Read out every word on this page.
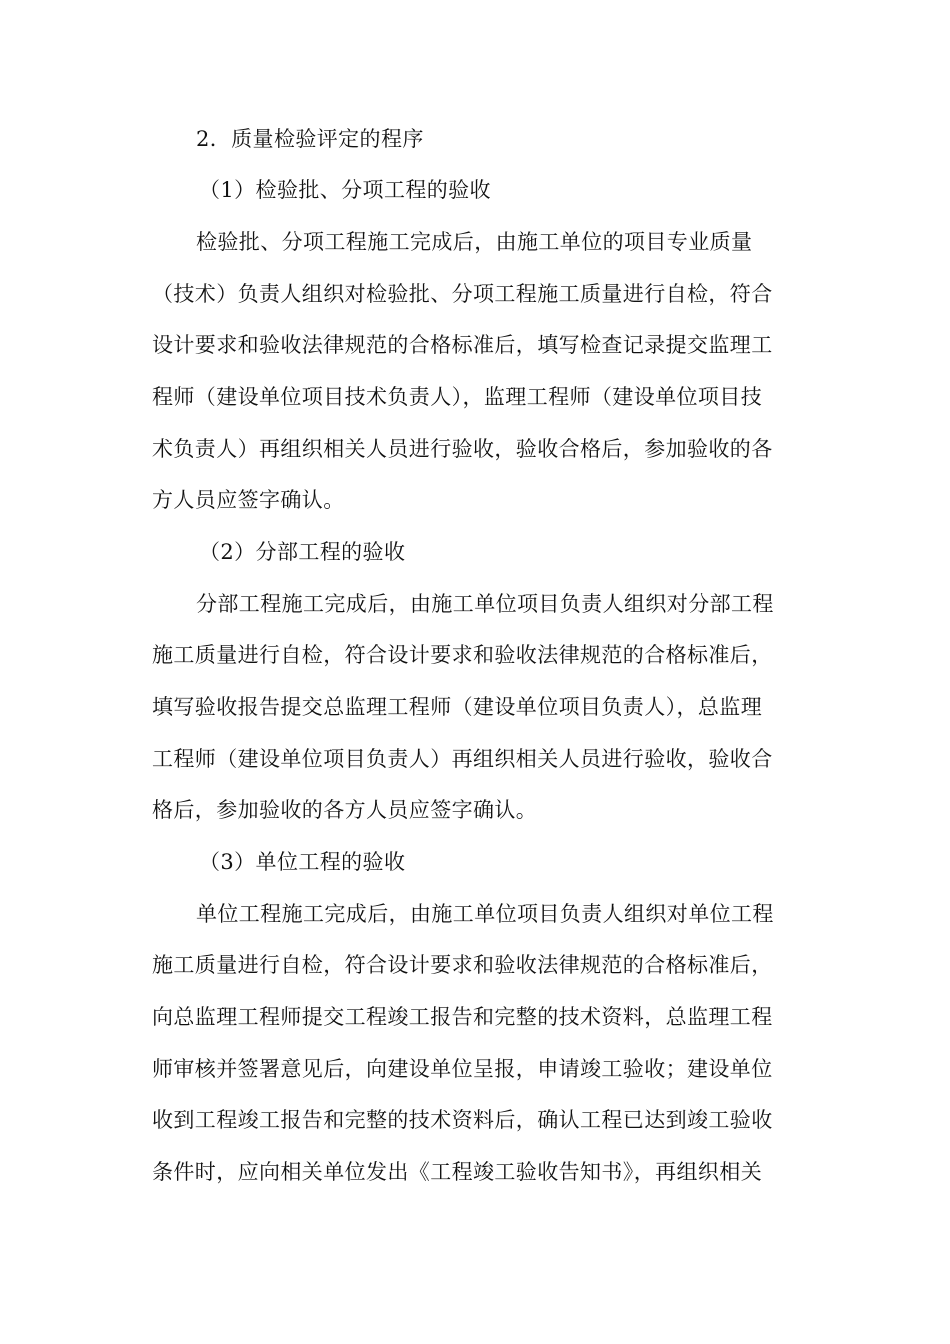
2．质量检验评定的程序
（1）检验批、分项工程的验收
检验批、分项工程施工完成后，由施工单位的项目专业质量
（技术）负责人组织对检验批、分项工程施工质量进行自检，符合
设计要求和验收法律规范的合格标准后，填写检查记录提交监理工
程师（建设单位项目技术负责人），监理工程师（建设单位项目技
术负责人）再组织相关人员进行验收，验收合格后，参加验收的各
方人员应签字确认。
（2）分部工程的验收
分部工程施工完成后，由施工单位项目负责人组织对分部工程
施工质量进行自检，符合设计要求和验收法律规范的合格标准后，
填写验收报告提交总监理工程师（建设单位项目负责人），总监理
工程师（建设单位项目负责人）再组织相关人员进行验收，验收合
格后，参加验收的各方人员应签字确认。
（3）单位工程的验收
单位工程施工完成后，由施工单位项目负责人组织对单位工程
施工质量进行自检，符合设计要求和验收法律规范的合格标准后，
向总监理工程师提交工程竣工报告和完整的技术资料，总监理工程
师审核并签署意见后，向建设单位呈报，申请竣工验收；建设单位
收到工程竣工报告和完整的技术资料后，确认工程已达到竣工验收
条件时，应向相关单位发出《工程竣工验收告知书》，再组织相关
